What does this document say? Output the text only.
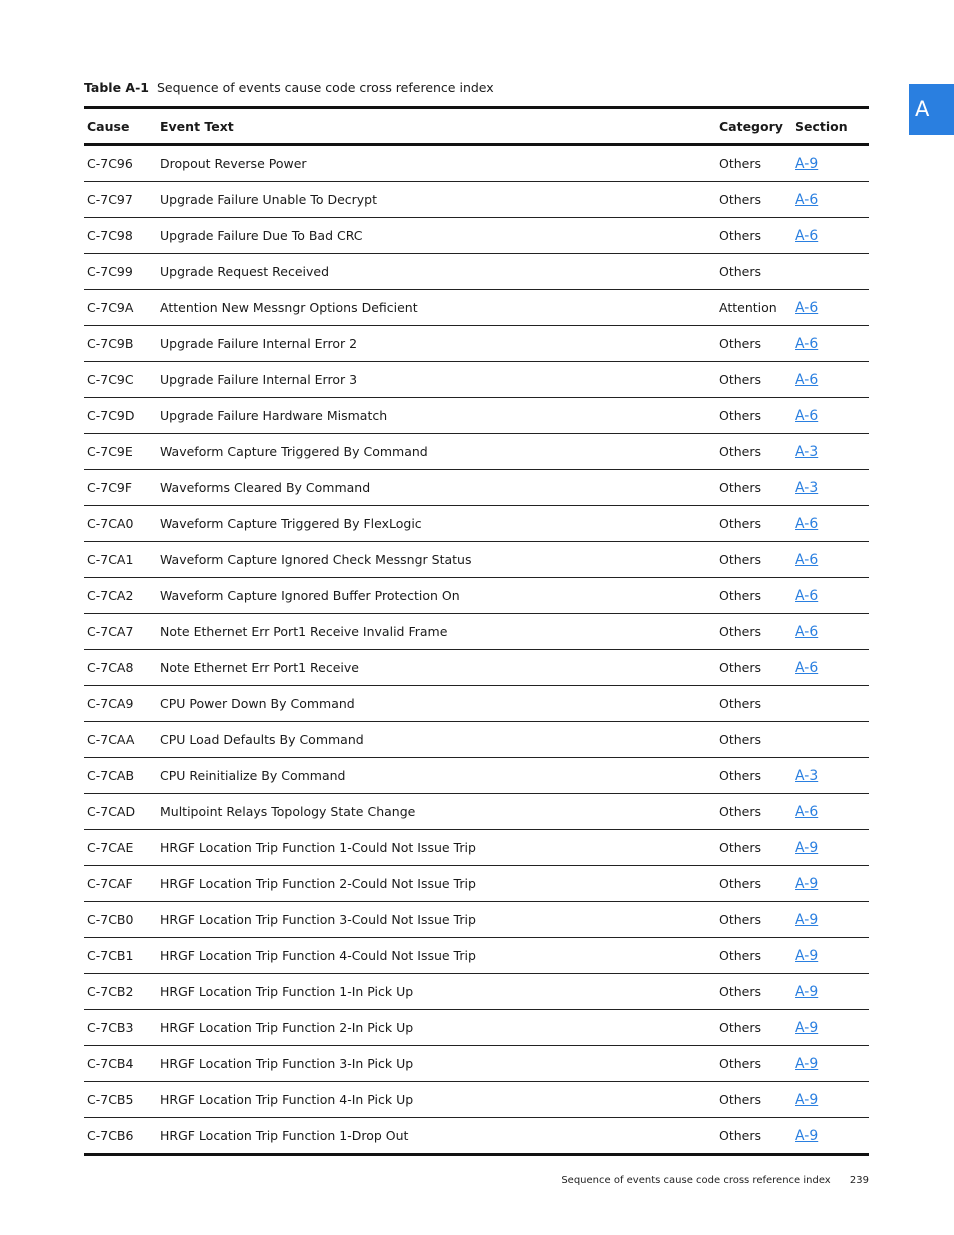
Table A-1 Sequence of events cause code cross reference index
A
Cause	Event Text	Category	Section
C-7C96	Dropout Reverse Power	Others	A-9
C-7C97	Upgrade Failure Unable To Decrypt	Others	A-6
C-7C98	Upgrade Failure Due To Bad CRC	Others	A-6
C-7C99	Upgrade Request Received	Others	
C-7C9A	Attention New Messngr Options Deficient	Attention	A-6
C-7C9B	Upgrade Failure Internal Error 2	Others	A-6
C-7C9C	Upgrade Failure Internal Error 3	Others	A-6
C-7C9D	Upgrade Failure Hardware Mismatch	Others	A-6
C-7C9E	Waveform Capture Triggered By Command	Others	A-3
C-7C9F	Waveforms Cleared By Command	Others	A-3
C-7CA0	Waveform Capture Triggered By FlexLogic	Others	A-6
C-7CA1	Waveform Capture Ignored Check Messngr Status	Others	A-6
C-7CA2	Waveform Capture Ignored Buffer Protection On	Others	A-6
C-7CA7	Note Ethernet Err Port1 Receive Invalid Frame	Others	A-6
C-7CA8	Note Ethernet Err Port1 Receive	Others	A-6
C-7CA9	CPU Power Down By Command	Others	
C-7CAA	CPU Load Defaults By Command	Others	
C-7CAB	CPU Reinitialize By Command	Others	A-3
C-7CAD	Multipoint Relays Topology State Change	Others	A-6
C-7CAE	HRGF Location Trip Function 1-Could Not Issue Trip	Others	A-9
C-7CAF	HRGF Location Trip Function 2-Could Not Issue Trip	Others	A-9
C-7CB0	HRGF Location Trip Function 3-Could Not Issue Trip	Others	A-9
C-7CB1	HRGF Location Trip Function 4-Could Not Issue Trip	Others	A-9
C-7CB2	HRGF Location Trip Function 1-In Pick Up	Others	A-9
C-7CB3	HRGF Location Trip Function 2-In Pick Up	Others	A-9
C-7CB4	HRGF Location Trip Function 3-In Pick Up	Others	A-9
C-7CB5	HRGF Location Trip Function 4-In Pick Up	Others	A-9
C-7CB6	HRGF Location Trip Function 1-Drop Out	Others	A-9
Sequence of events cause code cross reference index 239
